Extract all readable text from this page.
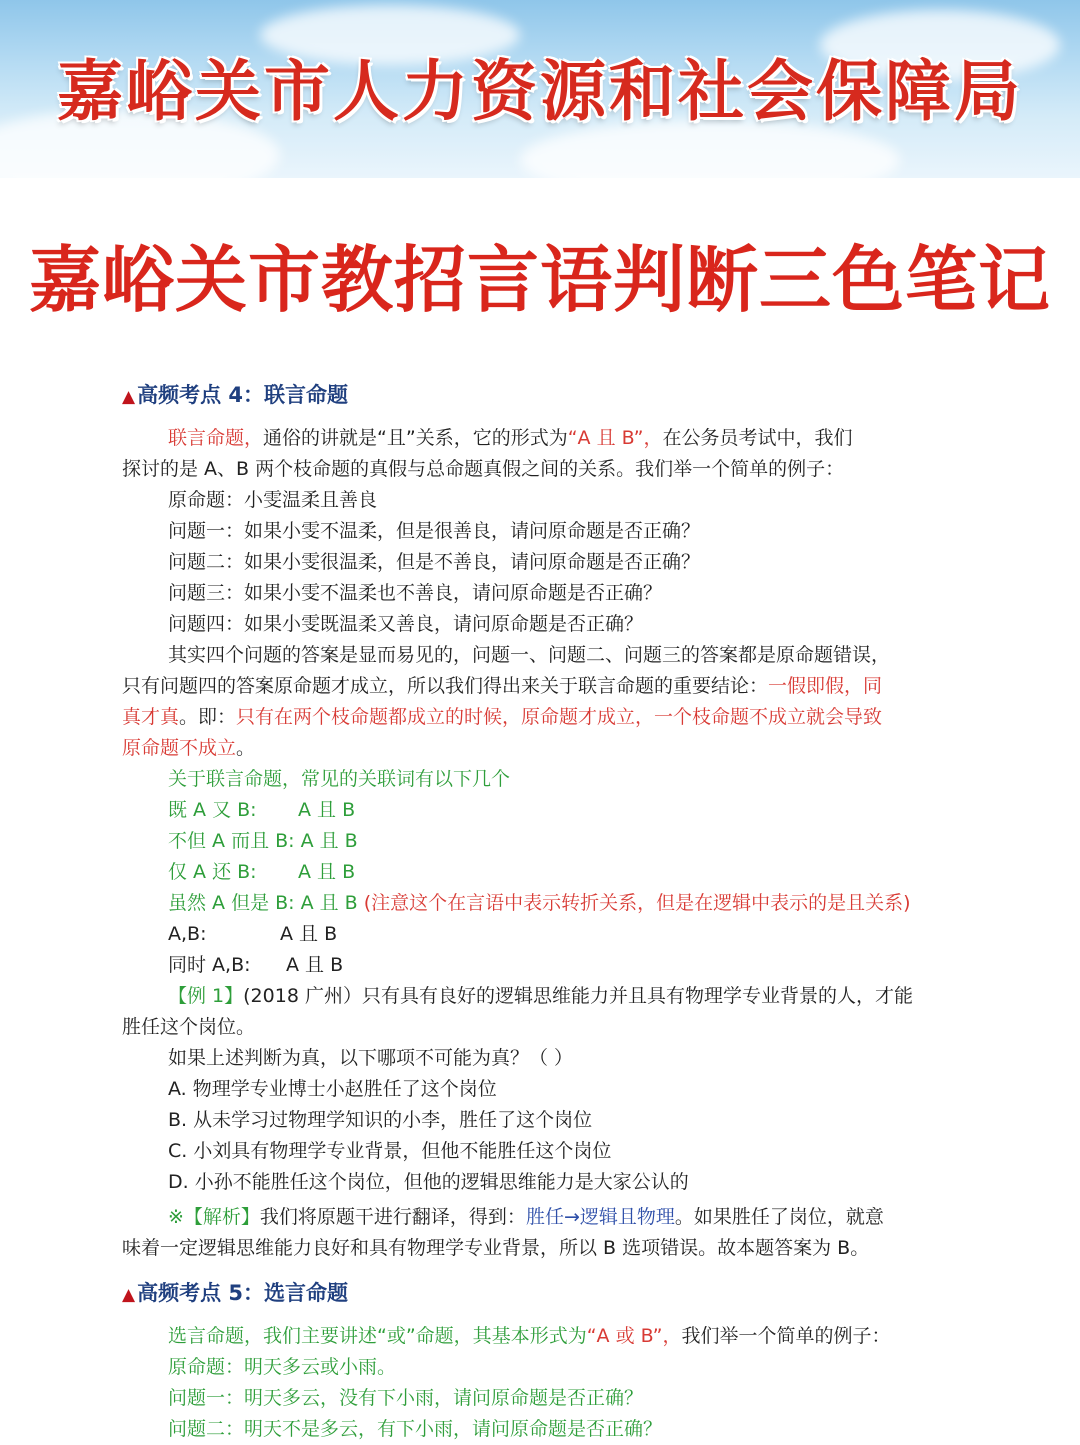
嘉峪关市人力资源和社会保障局
嘉峪关市教招言语判断三色笔记
▲高频考点 4：联言命题

联言命题，通俗的讲就是“且”关系，它的形式为“A 且 B”，在公务员考试中，我们

探讨的是 A、B 两个枝命题的真假与总命题真假之间的关系。我们举一个简单的例子：

原命题：小雯温柔且善良

问题一：如果小雯不温柔，但是很善良，请问原命题是否正确？

问题二：如果小雯很温柔，但是不善良，请问原命题是否正确？

问题三：如果小雯不温柔也不善良，请问原命题是否正确？

问题四：如果小雯既温柔又善良，请问原命题是否正确？

其实四个问题的答案是显而易见的，问题一、问题二、问题三的答案都是原命题错误，

只有问题四的答案原命题才成立，所以我们得出来关于联言命题的重要结论：一假即假，同

真才真。即：只有在两个枝命题都成立的时候，原命题才成立，一个枝命题不成立就会导致

原命题不成立。

关于联言命题，常见的关联词有以下几个

既 A 又 B: A 且 B

不但 A 而且 B: A 且 B

仅 A 还 B: A 且 B

虽然 A 但是 B: A 且 B (注意这个在言语中表示转折关系，但是在逻辑中表示的是且关系)

A,B:	A 且 B

同时 A,B: A 且 B

【例 1】(2018 广州）只有具有良好的逻辑思维能力并且具有物理学专业背景的人，才能

胜任这个岗位。

如果上述判断为真，以下哪项不可能为真？（ ）

A. 物理学专业博士小赵胜任了这个岗位

B. 从未学习过物理学知识的小李，胜任了这个岗位

C. 小刘具有物理学专业背景，但他不能胜任这个岗位

D. 小孙不能胜任这个岗位，但他的逻辑思维能力是大家公认的

※【解析】我们将原题干进行翻译，得到：胜任→逻辑且物理。如果胜任了岗位，就意

味着一定逻辑思维能力良好和具有物理学专业背景，所以 B 选项错误。故本题答案为 B。

▲高频考点 5：选言命题

选言命题，我们主要讲述“或”命题，其基本形式为“A 或 B”，我们举一个简单的例子：

原命题：明天多云或小雨。

问题一：明天多云，没有下小雨，请问原命题是否正确？

问题二：明天不是多云，有下小雨，请问原命题是否正确？
